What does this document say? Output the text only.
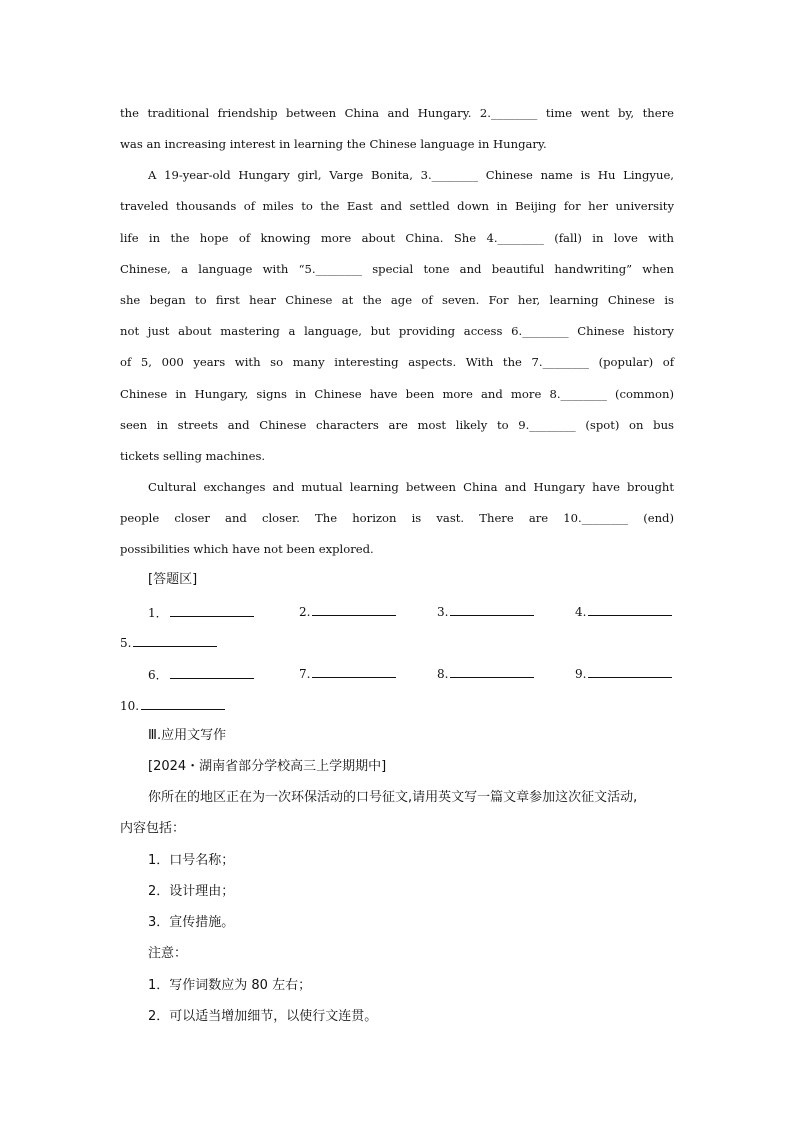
the traditional friendship between China and Hungary. 2.________ time went by, there
was an increasing interest in learning the Chinese language in Hungary.
A 19-year-old Hungary girl, Varge Bonita, 3.________ Chinese name is Hu Lingyue,
traveled thousands of miles to the East and settled down in Beijing for her university
life in the hope of knowing more about China. She 4.________ (fall) in love with
Chinese, a language with “5.________ special tone and beautiful handwriting” when
she began to first hear Chinese at the age of seven. For her, learning Chinese is
not just about mastering a language, but providing access 6.________ Chinese history
of 5, 000 years with so many interesting aspects. With the 7.________ (popular) of
Chinese in Hungary, signs in Chinese have been more and more 8.________ (common)
seen in streets and Chinese characters are most likely to 9.________ (spot) on bus
tickets selling machines.
Cultural exchanges and mutual learning between China and Hungary have brought
people closer and closer. The horizon is vast. There are 10.________ (end)
possibilities which have not been explored.
[答题区]
1．	2.	3.	4.
5.
6．	7.	8.	9.
10.
Ⅲ.应用文写作
[2024・湖南省部分学校高三上学期期中]
你所在的地区正在为一次环保活动的口号征文,请用英文写一篇文章参加这次征文活动,
内容包括：
1．口号名称；
2．设计理由；
3．宣传措施。
注意：
1．写作词数应为 80 左右；
2．可以适当增加细节，以使行文连贯。
